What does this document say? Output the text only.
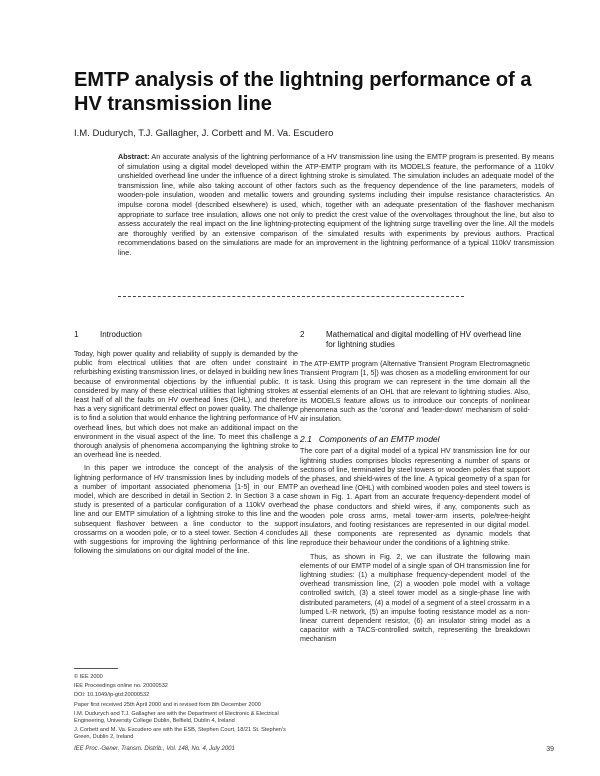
EMTP analysis of the lightning performance of a HV transmission line
I.M. Dudurych, T.J. Gallagher, J. Corbett and M. Va. Escudero

Abstract: An accurate analysis of the lightning performance of a HV transmission line using the EMTP program is presented. By means of simulation using a digital model developed within the ATP-EMTP program with its MODELS feature, the performance of a 110kV unshielded overhead line under the influence of a direct lightning stroke is simulated. The simulation includes an adequate model of the transmission line, while also taking account of other factors such as the frequency dependence of the line parameters, models of wooden-pole insulation, wooden and metallic towers and grounding systems including their impulse resistance characteristics. An impulse corona model (described elsewhere) is used, which, together with an adequate presentation of the flashover mechanism appropriate to surface tree insulation, allows one not only to predict the crest value of the overvoltages throughout the line, but also to assess accurately the real impact on the line lightning-protecting equipment of the lightning surge travelling over the line. All the models are thoroughly verified by an extensive comparison of the simulated results with experiments by previous authors. Practical recommendations based on the simulations are made for an improvement in the lightning performance of a typical 110kV transmission line.

1	Introduction

Today, high power quality and reliability of supply is demanded by the public from electrical utilities that are often under constraint in refurbishing existing transmission lines, or delayed in building new lines because of environmental objections by the influential public. It is considered by many of these electrical utilities that lightning strokes at least half of all the faults on HV overhead lines (OHL), and therefore has a very significant detrimental effect on power quality. The challenge is to find a solution that would enhance the lightning performance of HV overhead lines, but which does not make an additional impact on the environment in the visual aspect of the line. To meet this challenge a thorough analysis of phenomena accompanying the lightning stroke to an overhead line is needed.

In this paper we introduce the concept of the analysis of the lightning performance of HV transmission lines by including models of a number of important associated phenomena [1-5] in our EMTP model, which are described in detail in Section 2. In Section 3 a case study is presented of a particular configuration of a 110kV overhead line and our EMTP simulation of a lightning stroke to this line and the subsequent flashover between a line conductor to the support crossarms on a wooden pole, or to a steel tower. Section 4 concludes with suggestions for improving the lightning performance of this line following the simulations on our digital model of the line.

© IEE 2000

IEE Proceedings online no. 20000532

DOI: 10.1049/ip-gtd:20000532

Paper first received 25th April 2000 and in revised form 8th December 2000

I.M. Dudurych and T.J. Gallagher are with the Department of Electronic & Electrical Engineering, University College Dublin, Belfield, Dublin 4, Ireland

J. Corbett and M. Va. Escudero are with the ESB, Stephen Court, 18/21 St. Stephen's Green, Dublin 2, Ireland

2	Mathematical and digital modelling of HV overhead line for lightning studies

The ATP-EMTP program (Alternative Transient Program Electromagnetic Transient Program [1, 5]) was chosen as a modelling environment for our task. Using this program we can represent in the time domain all the essential elements of an OHL that are relevant to lightning studies. Also, its MODELS feature allows us to introduce our concepts of nonlinear phenomena such as the 'corona' and 'leader-down' mechanism of solid-air insulation.

2.1 Components of an EMTP model

The core part of a digital model of a typical HV transmission line for our lightning studies comprises blocks representing a number of spans or sections of line, terminated by steel towers or wooden poles that support the phases, and shield-wires of the line. A typical geometry of a span for an overhead line (OHL) with combined wooden poles and steel towers is shown in Fig. 1. Apart from an accurate frequency-dependent model of the phase conductors and shield wires, if any, components such as wooden pole cross arms, metal tower-arm inserts, pole/tree-height insulators, and footing resistances are represented in our digital model. All these components are represented as dynamic models that reproduce their behaviour under the conditions of a lightning strike.

Thus, as shown in Fig. 2, we can illustrate the following main elements of our EMTP model of a single span of OH transmission line for lightning studies: (1) a multiphase frequency-dependent model of the overhead transmission line, (2) a wooden pole model with a voltage controlled switch, (3) a steel tower model as a single-phase line with distributed parameters, (4) a model of a segment of a steel crossarm in a lumped L-R network, (5) an impulse footing resistance model as a non-linear current dependent resistor, (6) an insulator string model as a capacitor with a TACS-controlled switch, representing the breakdown mechanism

IEE Proc.-Gener. Transm. Distrib., Vol. 148, No. 4, July 2001	39
